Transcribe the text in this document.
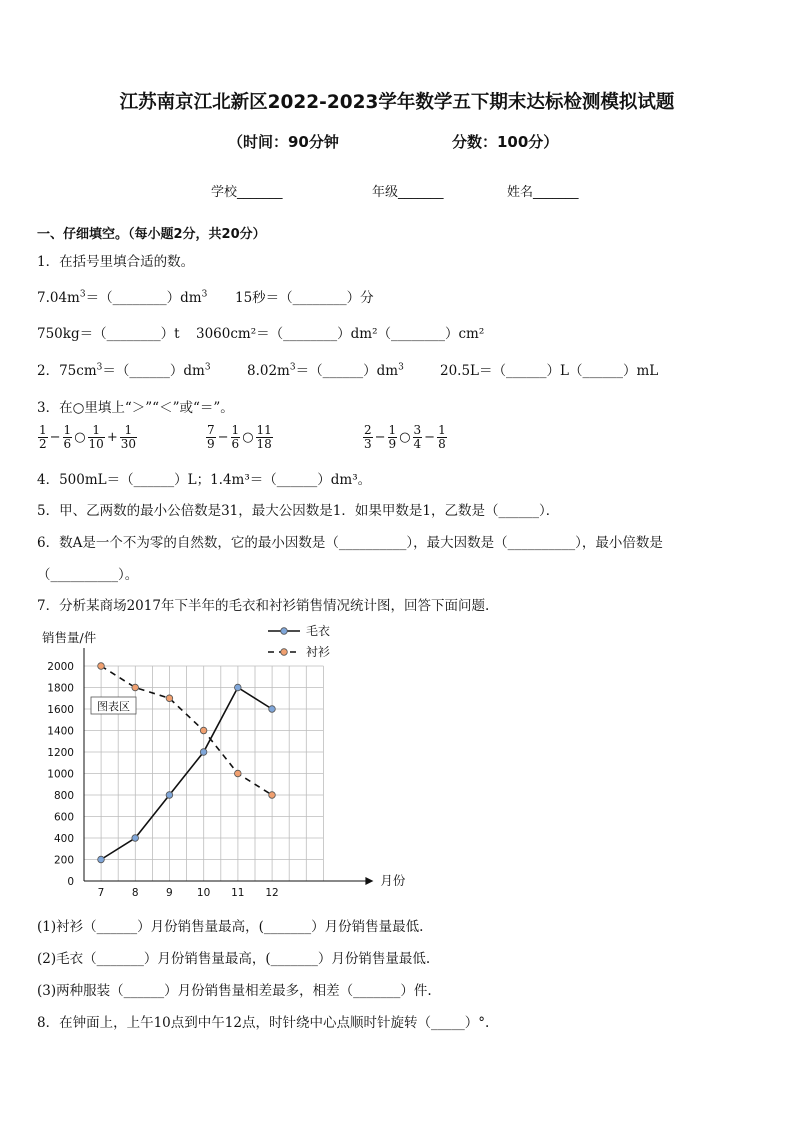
江苏南京江北新区2022-2023学年数学五下期末达标检测模拟试题
（时间：90分钟	分数：100分）
学校_______	年级_______	姓名_______
一、仔细填空。（每小题2分，共20分）
1．在括号里填合适的数。
$7.04m^3=(\_\_\_\_\_\_\_\_)dm^3$ 15秒＝（________）分
750kg＝（________）t 3060cm²＝（________）dm²（________）cm²
2．$75cm^3=(\_\_\_\_\_\_)dm^3$	$8.02m^3=(\_\_\_\_\_\_)dm^3$	20.5L＝（______）L（______）mL
3．在○里填上“＞”“＜”或“＝”。
$\frac{1}{2} - \frac{1}{6}$ ○ $\frac{1}{10} + \frac{1}{30}$	$\frac{7}{9} - \frac{1}{6}$ ○ $\frac{11}{18}$	$\frac{2}{3} - \frac{1}{9}$ ○ $\frac{3}{4} - \frac{1}{8}$
4．500mL＝（______）L；1.4m³＝（______）dm³。
5．甲、乙两数的最小公倍数是31，最大公因数是1．如果甲数是1，乙数是（______）．
6．数A是一个不为零的自然数，它的最小因数是（__________），最大因数是（__________），最小倍数是
（__________）。
7．分析某商场2017年下半年的毛衣和衬衫销售情况统计图，回答下面问题.
0
200
400
600
800
1000
1200
1400
1600
1800
2000
销售量/件
月份
7	8	9 10 11 12
图表区
毛衣
衬衫
(1)衬衫（______）月份销售量最高，(_______）月份销售量最低.
(2)毛衣（_______）月份销售量最高，(_______）月份销售量最低.
(3)两种服装（______）月份销售量相差最多，相差（_______）件.
8．在钟面上，上午10点到中午12点，时针绕中心点顺时针旋转（_____）°.
